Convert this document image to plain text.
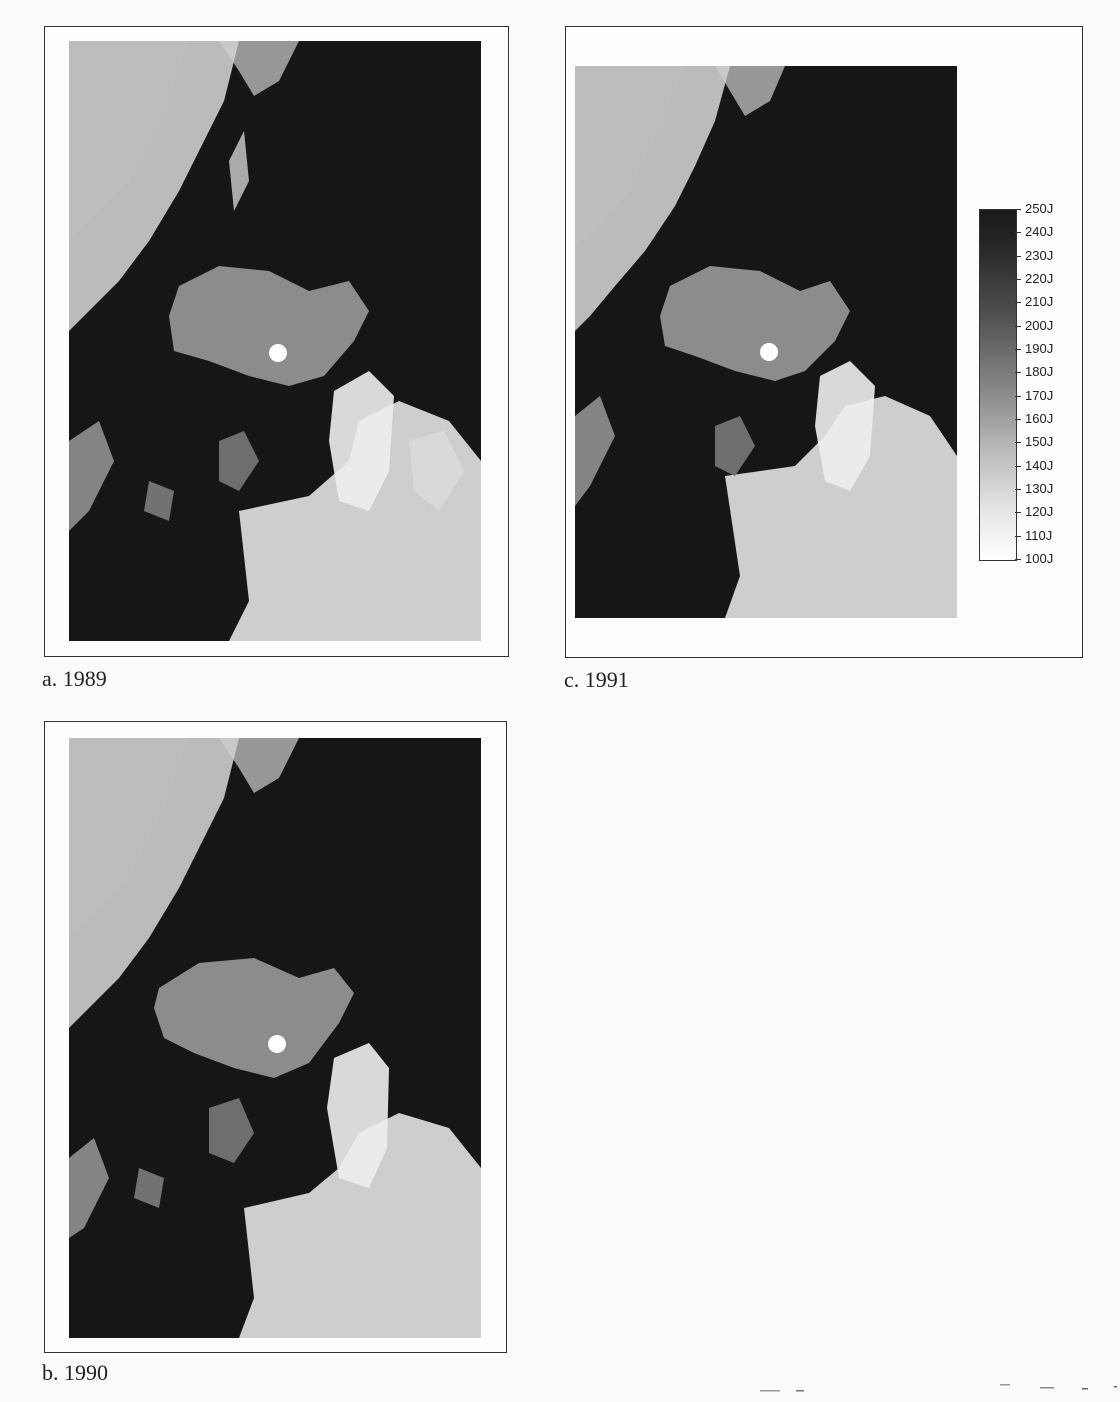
a. 1989
250J
240J
230J
220J
210J
200J
190J
180J
170J
160J
150J
140J
130J
120J
110J
100J
c. 1991
b. 1990
